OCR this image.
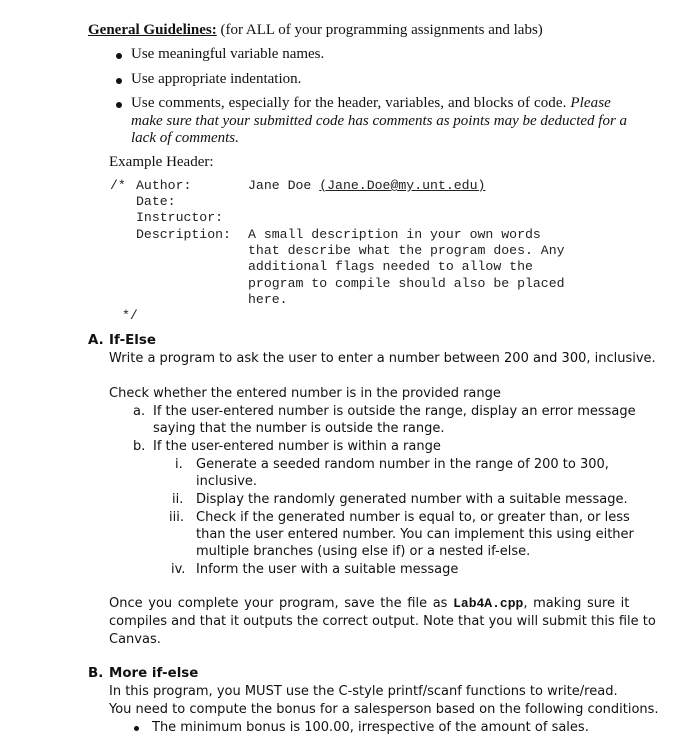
General Guidelines: (for ALL of your programming assignments and labs)
Use meaningful variable names.
Use appropriate indentation.
Use comments, especially for the header, variables, and blocks of code. Please
make sure that your submitted code has comments as points may be deducted for a
lack of comments.
Example Header:
/* Author:	Jane Doe (Jane.Doe@my.unt.edu)
Date:
Instructor:
Description: A small description in your own words
that describe what the program does. Any
additional flags needed to allow the
program to compile should also be placed
here.
*/
A. If-Else
Write a program to ask the user to enter a number between 200 and 300, inclusive.
Check whether the entered number is in the provided range
a. If the user-entered number is outside the range, display an error message
saying that the number is outside the range.
b. If the user-entered number is within a range
i. Generate a seeded random number in the range of 200 to 300,
inclusive.
ii. Display the randomly generated number with a suitable message.
iii. Check if the generated number is equal to, or greater than, or less
than the user entered number. You can implement this using either
multiple branches (using else if) or a nested if-else.
iv. Inform the user with a suitable message
Once you complete your program, save the file as Lab4A.cpp, making sure it
compiles and that it outputs the correct output. Note that you will submit this file to
Canvas.
B. More if-else
In this program, you MUST use the C-style printf/scanf functions to write/read.
You need to compute the bonus for a salesperson based on the following conditions.
The minimum bonus is 100.00, irrespective of the amount of sales.
